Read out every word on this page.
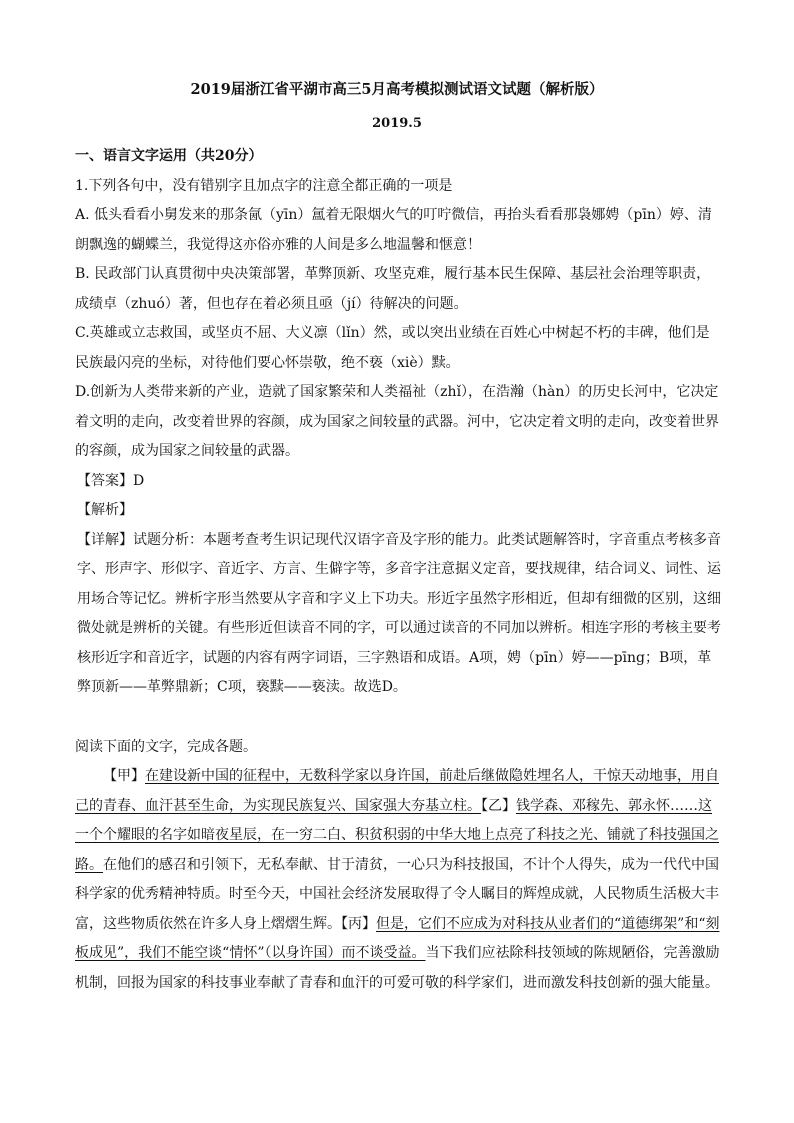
2019届浙江省平湖市高三5月高考模拟测试语文试题（解析版）
2019.5

一、语言文字运用（共20分）

1.下列各句中，没有错别字且加点字的注意全都正确的一项是

A. 低头看看小舅发来的那条氤（yīn）氲着无限烟火气的叮咛微信，再抬头看看那袅娜娉（pīn）婷、清朗飘逸的蝴蝶兰，我觉得这亦俗亦雅的人间是多么地温馨和惬意！

B. 民政部门认真贯彻中央决策部署，革弊顶新、攻坚克难，履行基本民生保障、基层社会治理等职责，成绩卓（zhuó）著，但也存在着必须且亟（jí）待解决的问题。

C.英雄或立志救国，或坚贞不屈、大义凛（lǐn）然，或以突出业绩在百姓心中树起不朽的丰碑，他们是民族最闪亮的坐标，对待他们要心怀崇敬，绝不亵（xiè）黩。

D.创新为人类带来新的产业，造就了国家繁荣和人类福祉（zhǐ），在浩瀚（hàn）的历史长河中，它决定着文明的走向，改变着世界的容颜，成为国家之间较量的武器。河中，它决定着文明的走向，改变着世界的容颜，成为国家之间较量的武器。

【答案】D

【解析】

【详解】试题分析：本题考查考生识记现代汉语字音及字形的能力。此类试题解答时，字音重点考核多音字、形声字、形似字、音近字、方言、生僻字等，多音字注意据义定音，要找规律，结合词义、词性、运用场合等记忆。辨析字形当然要从字音和字义上下功夫。形近字虽然字形相近，但却有细微的区别，这细微处就是辨析的关键。有些形近但读音不同的字，可以通过读音的不同加以辨析。相连字形的考核主要考核形近字和音近字，试题的内容有两字词语，三字熟语和成语。A项，娉（pīn）婷——pīng；B项，革弊顶新——革弊鼎新；C项，亵黩——亵渎。故选D。

阅读下面的文字，完成各题。

【甲】在建设新中国的征程中，无数科学家以身许国，前赴后继做隐姓埋名人，干惊天动地事，用自己的青春、血汗甚至生命，为实现民族复兴、国家强大夯基立柱。【乙】钱学森、邓稼先、郭永怀……这一个个耀眼的名字如暗夜星辰，在一穷二白、积贫积弱的中华大地上点亮了科技之光、铺就了科技强国之路。在他们的感召和引领下，无私奉献、甘于清贫，一心只为科技报国，不计个人得失，成为一代代中国科学家的优秀精神特质。时至今天，中国社会经济发展取得了令人瞩目的辉煌成就，人民物质生活极大丰富，这些物质依然在许多人身上熠熠生辉。【丙】但是，它们不应成为对科技从业者们的“道德绑架”和“刻板成见”，我们不能空谈“情怀”（以身许国）而不谈受益。当下我们应祛除科技领域的陈规陋俗，完善激励机制，回报为国家的科技事业奉献了青春和血汗的可爱可敬的科学家们，进而激发科技创新的强大能量。
